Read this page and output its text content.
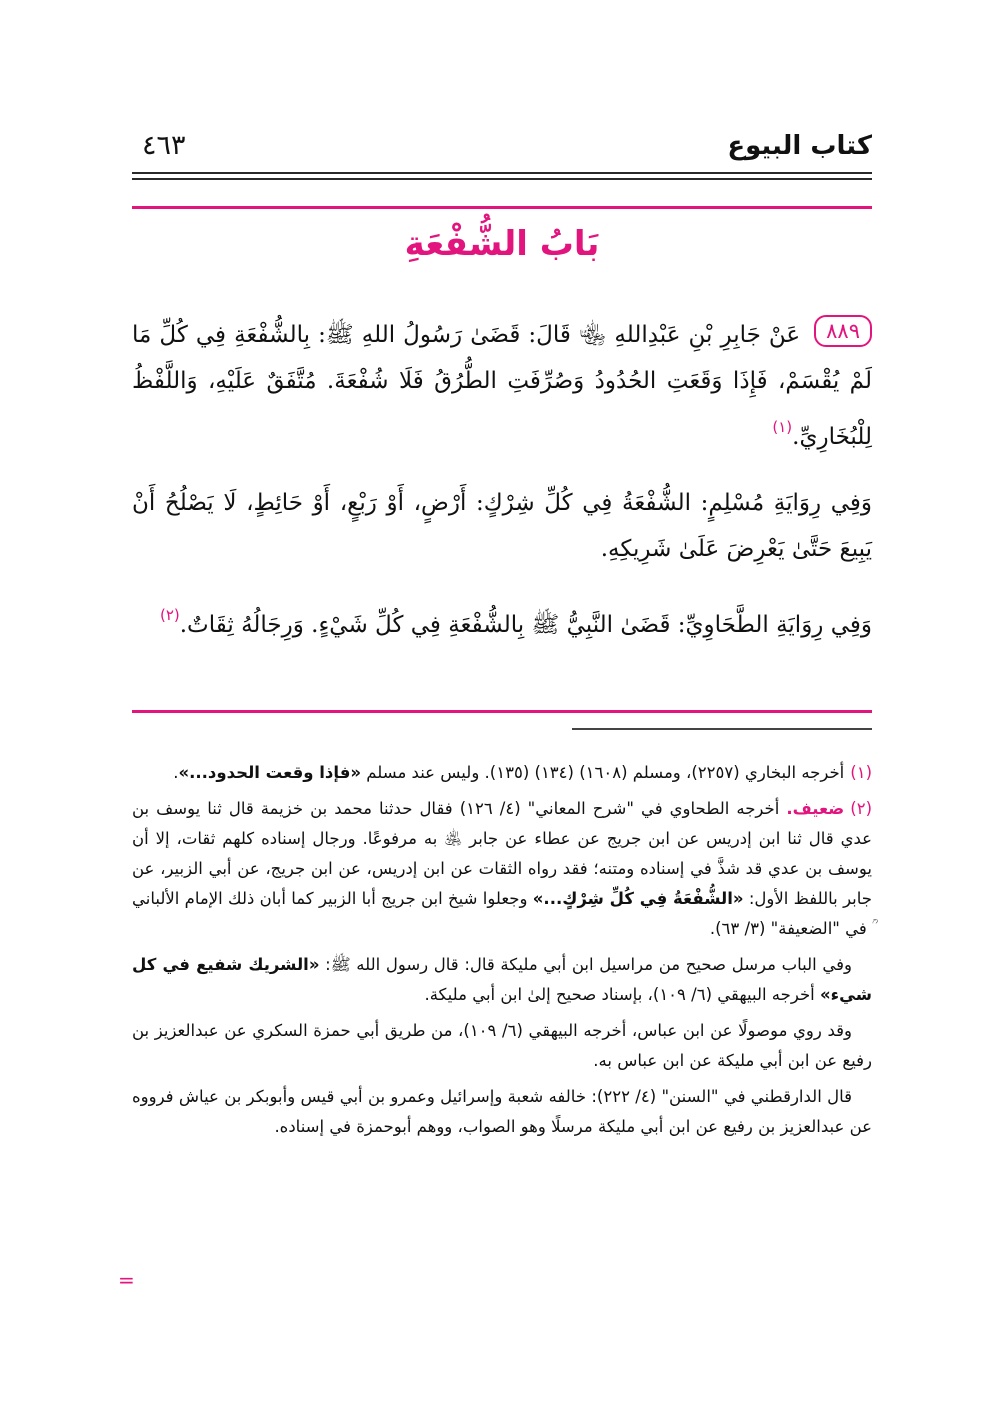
كتاب البيوع
٤٦٣
بَابُ الشُّفْعَةِ

٨٨٩عَنْ جَابِرِ بْنِ عَبْدِاللهِ ﵄ قَالَ: قَضَىٰ رَسُولُ اللهِ ﷺ: بِالشُّفْعَةِ فِي كُلِّ مَا لَمْ يُقْسَمْ، فَإِذَا وَقَعَتِ الحُدُودُ وَصُرِّفَتِ الطُّرُقُ فَلَا شُفْعَةَ. مُتَّفَقٌ عَلَيْهِ، وَاللَّفْظُ لِلْبُخَارِيِّ.$^{(١)}$

وَفِي رِوَايَةِ مُسْلِمٍ: الشُّفْعَةُ فِي كُلِّ شِرْكٍ: أَرْضٍ، أَوْ رَبْعٍ، أَوْ حَائِطٍ، لَا يَصْلُحُ أَنْ يَبِيعَ حَتَّىٰ يَعْرِضَ عَلَىٰ شَرِيكِهِ.

وَفِي رِوَايَةِ الطَّحَاوِيِّ: قَضَىٰ النَّبِيُّ ﷺ بِالشُّفْعَةِ فِي كُلِّ شَيْءٍ. وَرِجَالُهُ ثِقَاتٌ.$^{(٢)}$

(١)أخرجه البخاري (٢٢٥٧)، ومسلم (١٦٠٨) (١٣٤) (١٣٥). وليس عند مسلم «فإذا وقعت الحدود...».

(٢)ضعيف. أخرجه الطحاوي في "شرح المعاني" (٤/ ١٢٦) فقال حدثنا محمد بن خزيمة قال ثنا يوسف بن عدي قال ثنا ابن إدريس عن ابن جريج عن عطاء عن جابر ﵁ به مرفوعًا. ورجال إسناده كلهم ثقات، إلا أن يوسف بن عدي قد شذَّ في إسناده ومتنه؛ فقد رواه الثقات عن ابن إدريس، عن ابن جريج، عن أبي الزبير، عن جابر باللفظ الأول: «الشُّفْعَةُ فِي كُلِّ شِرْكٍ...» وجعلوا شيخ ابن جريج أبا الزبير كما أبان ذلك الإمام الألباني ؒ في "الضعيفة" (٣/ ٦٣).

وفي الباب مرسل صحيح من مراسيل ابن أبي مليكة قال: قال رسول الله ﷺ: «الشريك شفيع في كل شيء» أخرجه البيهقي (٦/ ١٠٩)، بإسناد صحيح إلىٰ ابن أبي مليكة.

وقد روي موصولًا عن ابن عباس، أخرجه البيهقي (٦/ ١٠٩)، من طريق أبي حمزة السكري عن عبدالعزيز بن رفيع عن ابن أبي مليكة عن ابن عباس به.

قال الدارقطني في "السنن" (٤/ ٢٢٢): خالفه شعبة وإسرائيل وعمرو بن أبي قيس وأبوبكر بن عياش فرووه عن عبدالعزيز بن رفيع عن ابن أبي مليكة مرسلًا وهو الصواب، ووهم أبوحمزة في إسناده.

=
